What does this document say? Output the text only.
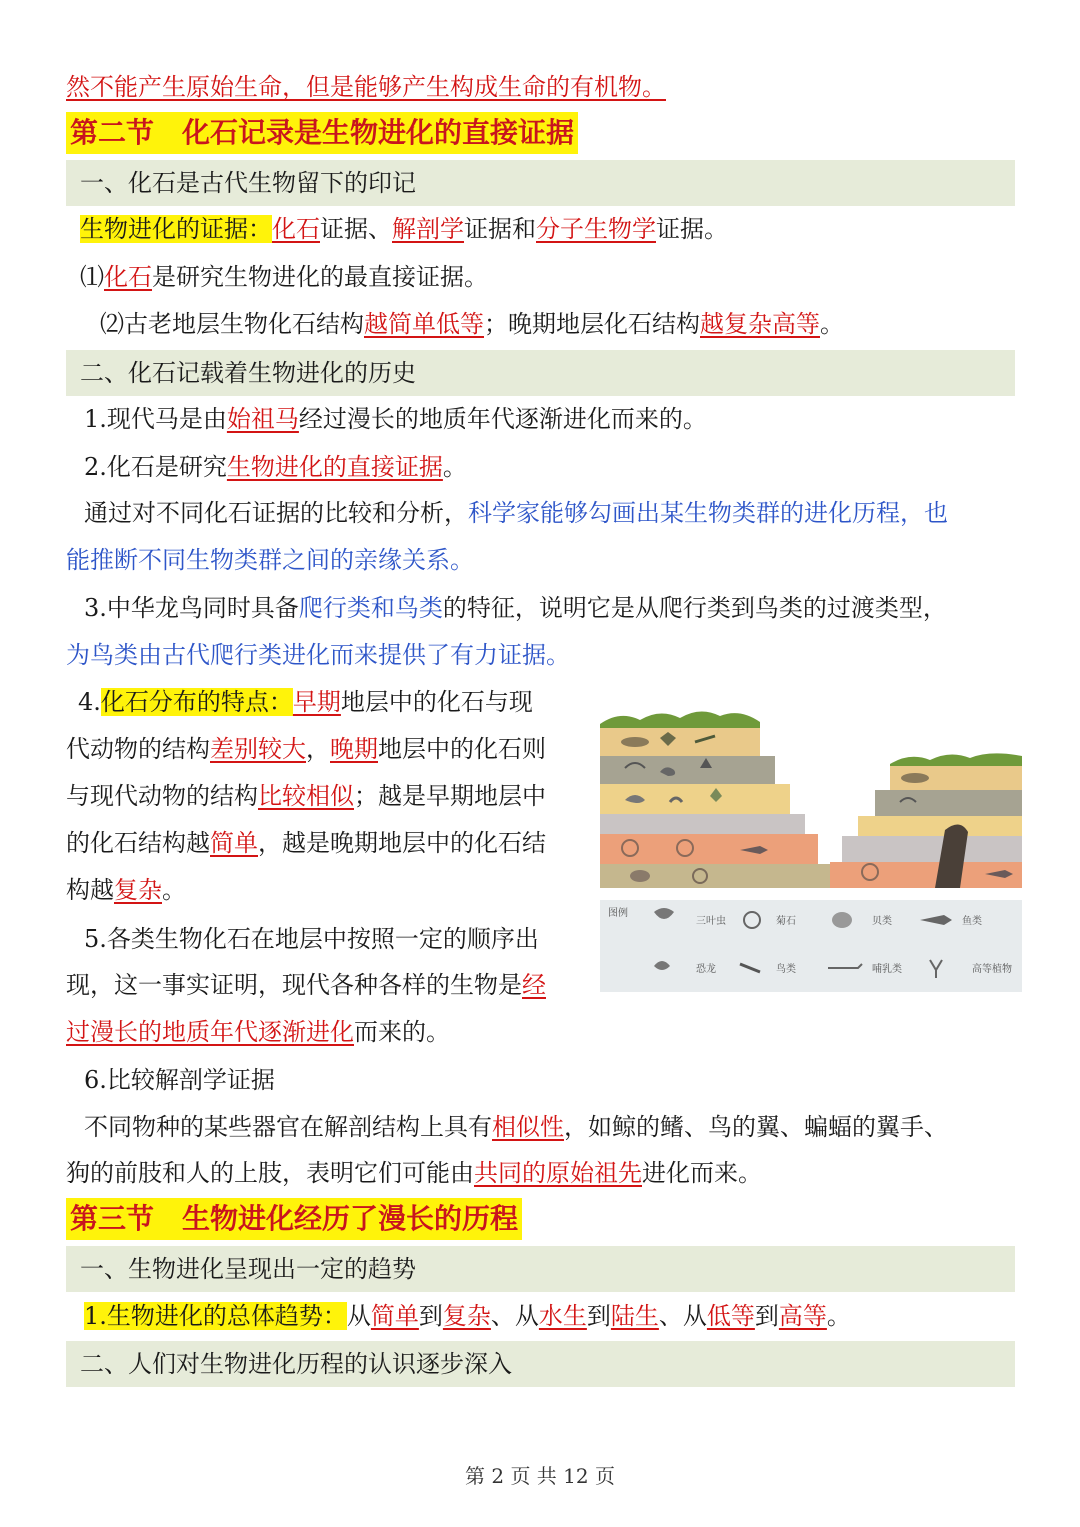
然不能产生原始生命，但是能够产生构成生命的有机物。
第二节　化石记录是生物进化的直接证据
一、化石是古代生物留下的印记
生物进化的证据：化石证据、解剖学证据和分子生物学证据。
⑴化石是研究生物进化的最直接证据。
⑵古老地层生物化石结构越简单低等；晚期地层化石结构越复杂高等。
二、化石记载着生物进化的历史
1.现代马是由始祖马经过漫长的地质年代逐渐进化而来的。
2.化石是研究生物进化的直接证据。
通过对不同化石证据的比较和分析，科学家能够勾画出某生物类群的进化历程，也
能推断不同生物类群之间的亲缘关系。
3.中华龙鸟同时具备爬行类和鸟类的特征，说明它是从爬行类到鸟类的过渡类型，
为鸟类由古代爬行类进化而来提供了有力证据。
4.化石分布的特点：早期地层中的化石与现
代动物的结构差别较大，晚期地层中的化石则
与现代动物的结构比较相似；越是早期地层中
的化石结构越简单，越是晚期地层中的化石结
构越复杂。
5.各类生物化石在地层中按照一定的顺序出
现，这一事实证明，现代各种各样的生物是经
过漫长的地质年代逐渐进化而来的。
图例
三叶虫	菊石	贝类	鱼类
恐龙	鸟类	哺乳类	高等植物
6.比较解剖学证据
不同物种的某些器官在解剖结构上具有相似性，如鲸的鳍、鸟的翼、蝙蝠的翼手、
狗的前肢和人的上肢，表明它们可能由共同的原始祖先进化而来。
第三节　生物进化经历了漫长的历程
一、生物进化呈现出一定的趋势
1.生物进化的总体趋势：从简单到复杂、从水生到陆生、从低等到高等。
二、人们对生物进化历程的认识逐步深入
第 2 页 共 12 页
